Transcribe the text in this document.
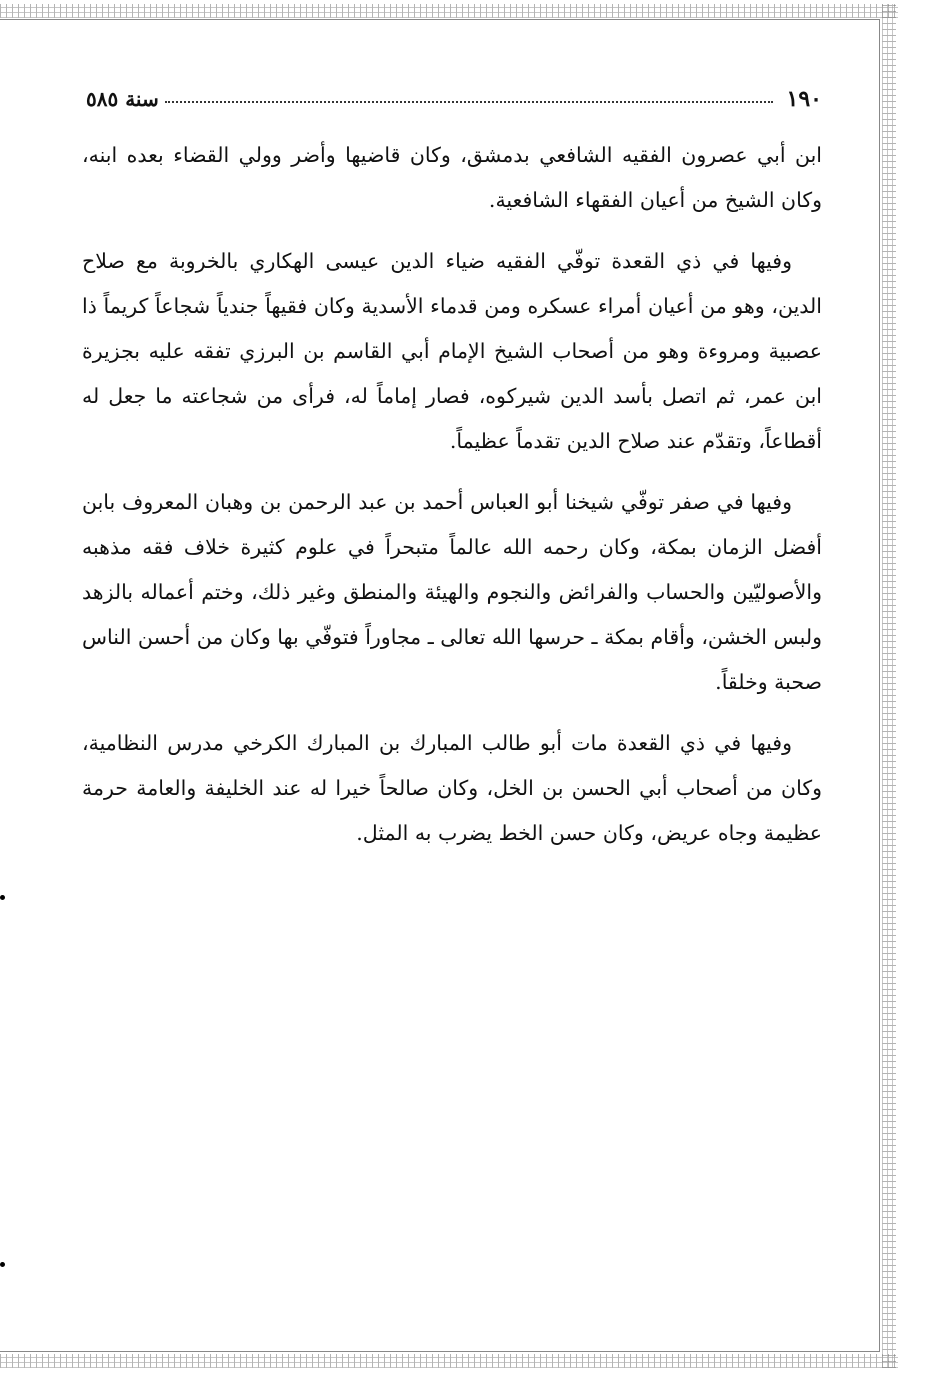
١٩٠
سنة ٥٨٥

ابن أبي عصرون الفقيه الشافعي بدمشق، وكان قاضيها وأضر وولي القضاء بعده ابنه، وكان الشيخ من أعيان الفقهاء الشافعية.

وفيها في ذي القعدة توفّي الفقيه ضياء الدين عيسى الهكاري بالخروبة مع صلاح الدين، وهو من أعيان أمراء عسكره ومن قدماء الأسدية وكان فقيهاً جندياً شجاعاً كريماً ذا عصبية ومروءة وهو من أصحاب الشيخ الإمام أبي القاسم بن البرزي تفقه عليه بجزيرة ابن عمر، ثم اتصل بأسد الدين شيركوه، فصار إماماً له، فرأى من شجاعته ما جعل له أقطاعاً، وتقدّم عند صلاح الدين تقدماً عظيماً.

وفيها في صفر توفّي شيخنا أبو العباس أحمد بن عبد الرحمن بن وهبان المعروف بابن أفضل الزمان بمكة، وكان رحمه الله عالماً متبحراً في علوم كثيرة خلاف فقه مذهبه والأصوليّين والحساب والفرائض والنجوم والهيئة والمنطق وغير ذلك، وختم أعماله بالزهد ولبس الخشن، وأقام بمكة ـ حرسها الله تعالى ـ مجاوراً فتوفّي بها وكان من أحسن الناس صحبة وخلقاً.

وفيها في ذي القعدة مات أبو طالب المبارك بن المبارك الكرخي مدرس النظامية، وكان من أصحاب أبي الحسن بن الخل، وكان صالحاً خيرا له عند الخليفة والعامة حرمة عظيمة وجاه عريض، وكان حسن الخط يضرب به المثل.
